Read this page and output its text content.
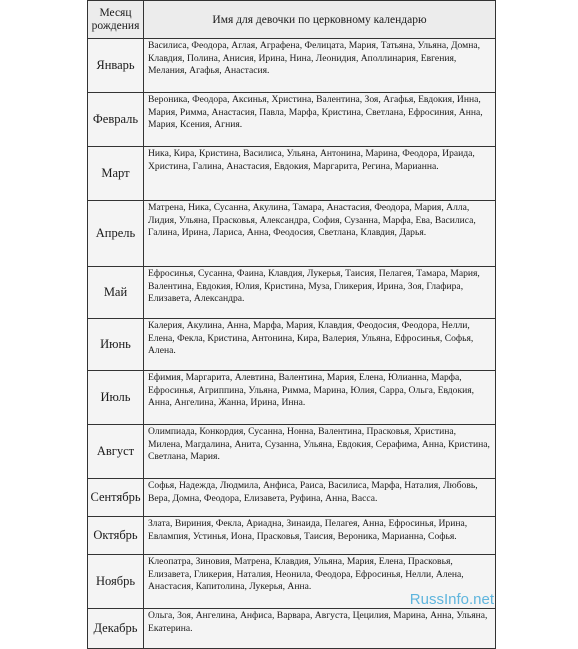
Месяц
рождения	Имя для девочки по церковному календарю
Январь	Василиса, Феодора, Аглая, Агрaфена, Фелицата, Мария, Татьяна, Ульяна, Домна, Клавдия, Полина, Анисия, Ирина, Нина, Леонидия, Аполлинария, Евгения, Мелания, Агафья, Анастасия.
Февраль	Вероника, Феодора, Аксинья, Христина, Валентина, Зоя, Агафья, Евдокия, Инна, Мария, Римма, Анастасия, Павла, Марфа, Кристина, Светлана, Ефросиния, Анна, Мария, Ксения, Агния.
Март	Ника, Кира, Кристина, Василиса, Ульяна, Антонина, Марина, Феодора, Ираида, Христина, Галина, Анастасия, Евдокия, Маргарита, Регина, Марианна.
Апрель	Матрена, Ника, Сусанна, Акулина, Тамара, Анастасия, Феодора, Мария, Алла, Лидия, Ульяна, Прасковья, Александра, София, Сузанна, Марфа, Ева, Василиса, Галина, Ирина, Лариса, Анна, Феодосия, Светлана, Клавдия, Дарья.
Май	Ефросинья, Сусанна, Фаина, Клавдия, Лукерья, Таисия, Пелагея, Тамара, Мария, Валентина, Евдокия, Юлия, Кристина, Муза, Гликерия, Ирина, Зоя, Глафира, Елизавета, Александра.
Июнь	Калерия, Акулина, Анна, Марфа, Мария, Клавдия, Феодосия, Феодора, Нелли, Елена, Фекла, Кристина, Антонина, Кира, Валерия, Ульяна, Ефросинья, Софья, Алена.
Июль	Ефимия, Маргарита, Алевтина, Валентина, Мария, Елена, Юлианна, Марфа, Ефросинья, Агриппина, Ульяна, Римма, Марина, Юлия, Сарра, Ольга, Евдокия, Анна, Ангелина, Жанна, Ирина, Инна.
Август	Олимпиада, Конкордия, Сусанна, Нонна, Валентина, Прасковья, Христина, Милена, Магдалина, Анита, Сузанна, Ульяна, Евдокия, Серафима, Анна, Кристина, Светлана, Мария.
Сентябрь	Софья, Надежда, Людмила, Анфиса, Раиса, Василиса, Марфа, Наталия, Любовь, Вера, Домна, Феодора, Елизавета, Руфина, Анна, Васса.
Октябрь	Злата, Вириния, Фекла, Ариадна, Зинаида, Пелагея, Анна, Ефросинья, Ирина, Евлампия, Устинья, Иона, Прасковья, Таисия, Вероника, Марианна, Софья.
Ноябрь	Клеопатра, Зиновия, Матрена, Клавдия, Ульяна, Мария, Елена, Прасковья, Елизавета, Гликерия, Наталия, Неонила, Феодора, Ефросинья, Нелли, Алена, Анастасия, Капитолина, Лукерья, Анна.
Декабрь	Ольга, Зоя, Ангелина, Анфиса, Варвара, Августа, Цецилия, Марина, Анна, Ульяна, Екатерина.
RussInfo.net
